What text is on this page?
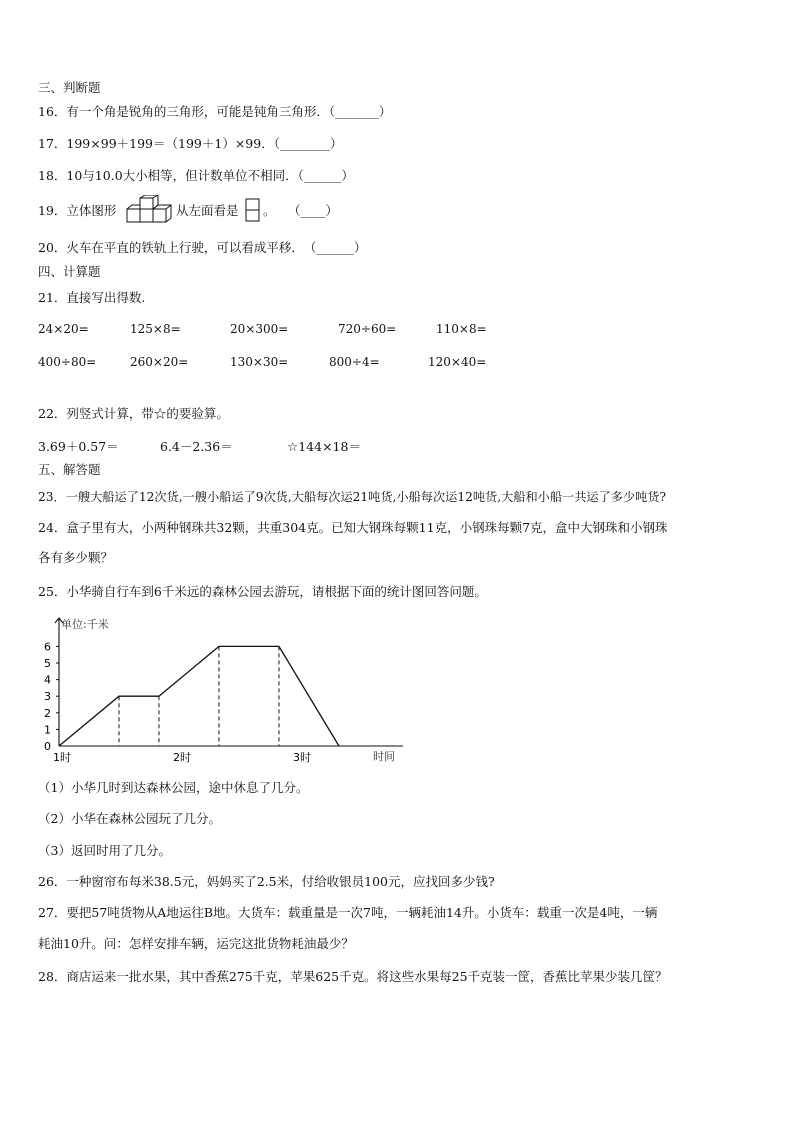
三、判断题
16．有一个角是锐角的三角形，可能是钝角三角形．（_______）
17．199×99＋199＝（199＋1）×99．（________）
18．10与10.0大小相等，但计数单位不相同．（______）
19．立体图形	从左面看是 。　　（____）
20．火车在平直的铁轨上行驶，可以看成平移．　（______）
四、计算题
21．直接写出得数.
24×20=	125×8=	20×300=	720÷60=	110×8=
400÷80=	260×20=	130×30=	800÷4=	120×40=
22．列竖式计算，带☆的要验算。
3.69＋0.57＝	6.4－2.36＝	☆144×18＝
五、解答题
23．一艘大船运了12次货,一艘小船运了9次货,大船每次运21吨货,小船每次运12吨货,大船和小船一共运了多少吨货?
24．盒子里有大，小两种钢珠共32颗，共重304克。已知大钢珠每颗11克，小钢珠每颗7克，盒中大钢珠和小钢珠
各有多少颗？
25．小华骑自行车到6千米远的森林公园去游玩，请根据下面的统计图回答问题。
0
1
2
3
4
5
6
1时	2时	3时
单位:千米
时间
（1）小华几时到达森林公园，途中休息了几分。
（2）小华在森林公园玩了几分。
（3）返回时用了几分。
26．一种窗帘布每米38.5元，妈妈买了2.5米，付给收银员100元，应找回多少钱?
27．要把57吨货物从A地运往B地。大货车：载重量是一次7吨，一辆耗油14升。小货车：载重一次是4吨，一辆
耗油10升。问：怎样安排车辆，运完这批货物耗油最少？
28．商店运来一批水果，其中香蕉275千克，苹果625千克。将这些水果每25千克装一筐，香蕉比苹果少装几筐？
